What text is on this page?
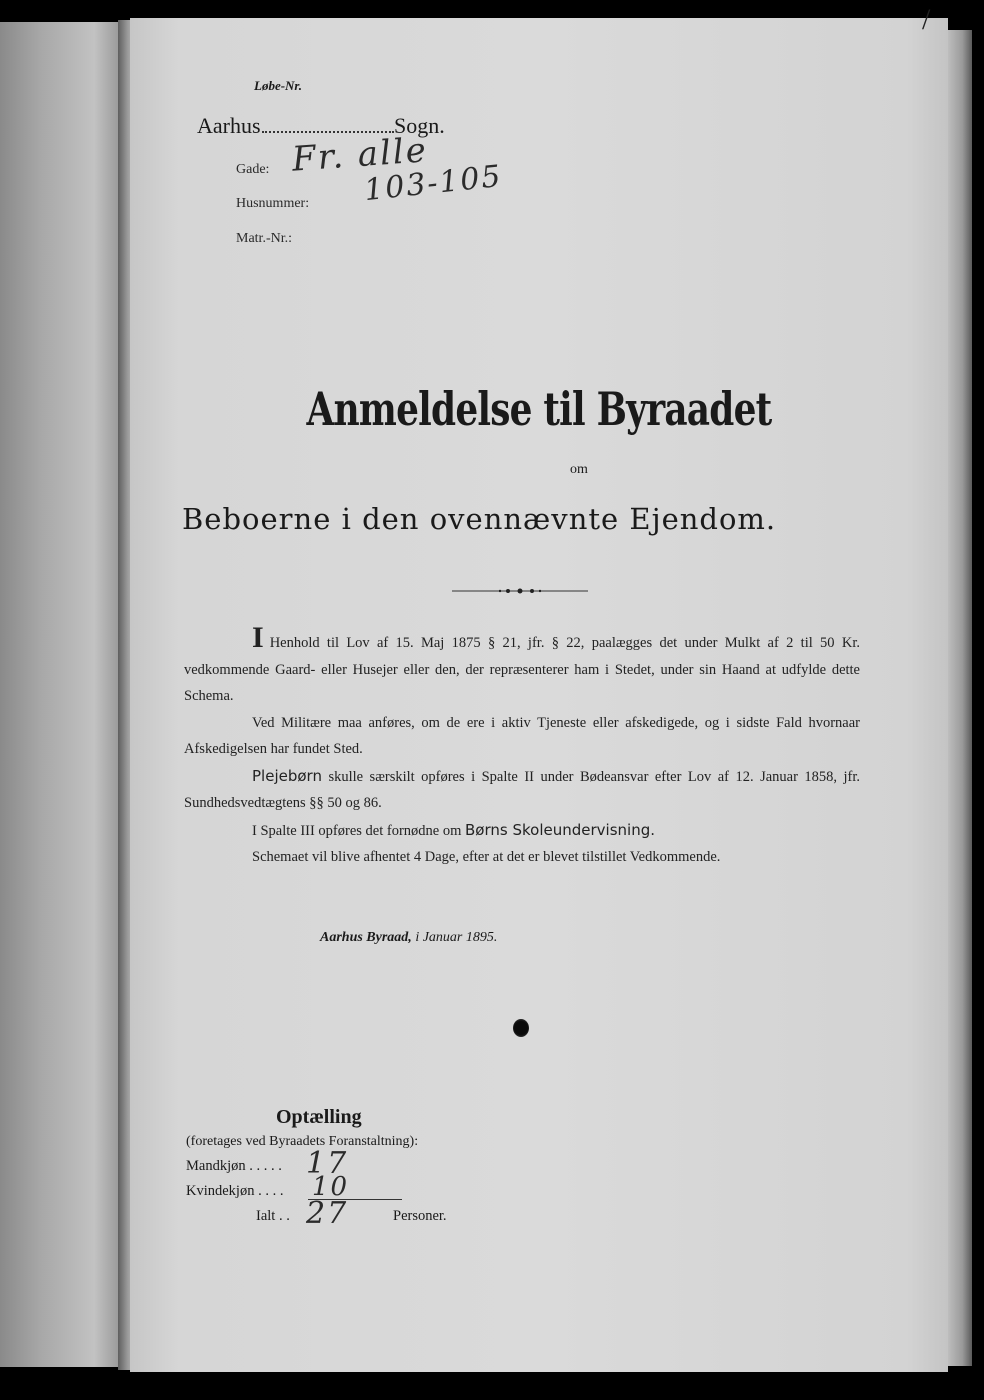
/
Løbe-Nr.
Aarhus	Sogn.
Gade:
Husnummer:
Matr.-Nr.:
Fr. alle
103-105
Anmeldelse til Byraadet
om
Beboerne i den ovennævnte Ejendom.

I Henhold til Lov af 15. Maj 1875 § 21, jfr. § 22, paalægges det under Mulkt af 2 til 50 Kr. vedkommende Gaard- eller Husejer eller den, der repræsenterer ham i Stedet, under sin Haand at udfylde dette Schema.

Ved Militære maa anføres, om de ere i aktiv Tjeneste eller afskedigede, og i sidste Fald hvornaar Afskedigelsen har fundet Sted.

Plejebørn skulle særskilt opføres i Spalte II under Bødeansvar efter Lov af 12. Januar 1858, jfr. Sundhedsvedtægtens §§ 50 og 86.

I Spalte III opføres det fornødne om Børns Skoleundervisning.

Schemaet vil blive afhentet 4 Dage, efter at det er blevet tilstillet Vedkommende.

Aarhus Byraad, i Januar 1895.
Optælling
(foretages ved Byraadets Foranstaltning):
Mandkjøn . . . . .
Kvindekjøn . . . .
Ialt . .	Personer.
17
10
27
